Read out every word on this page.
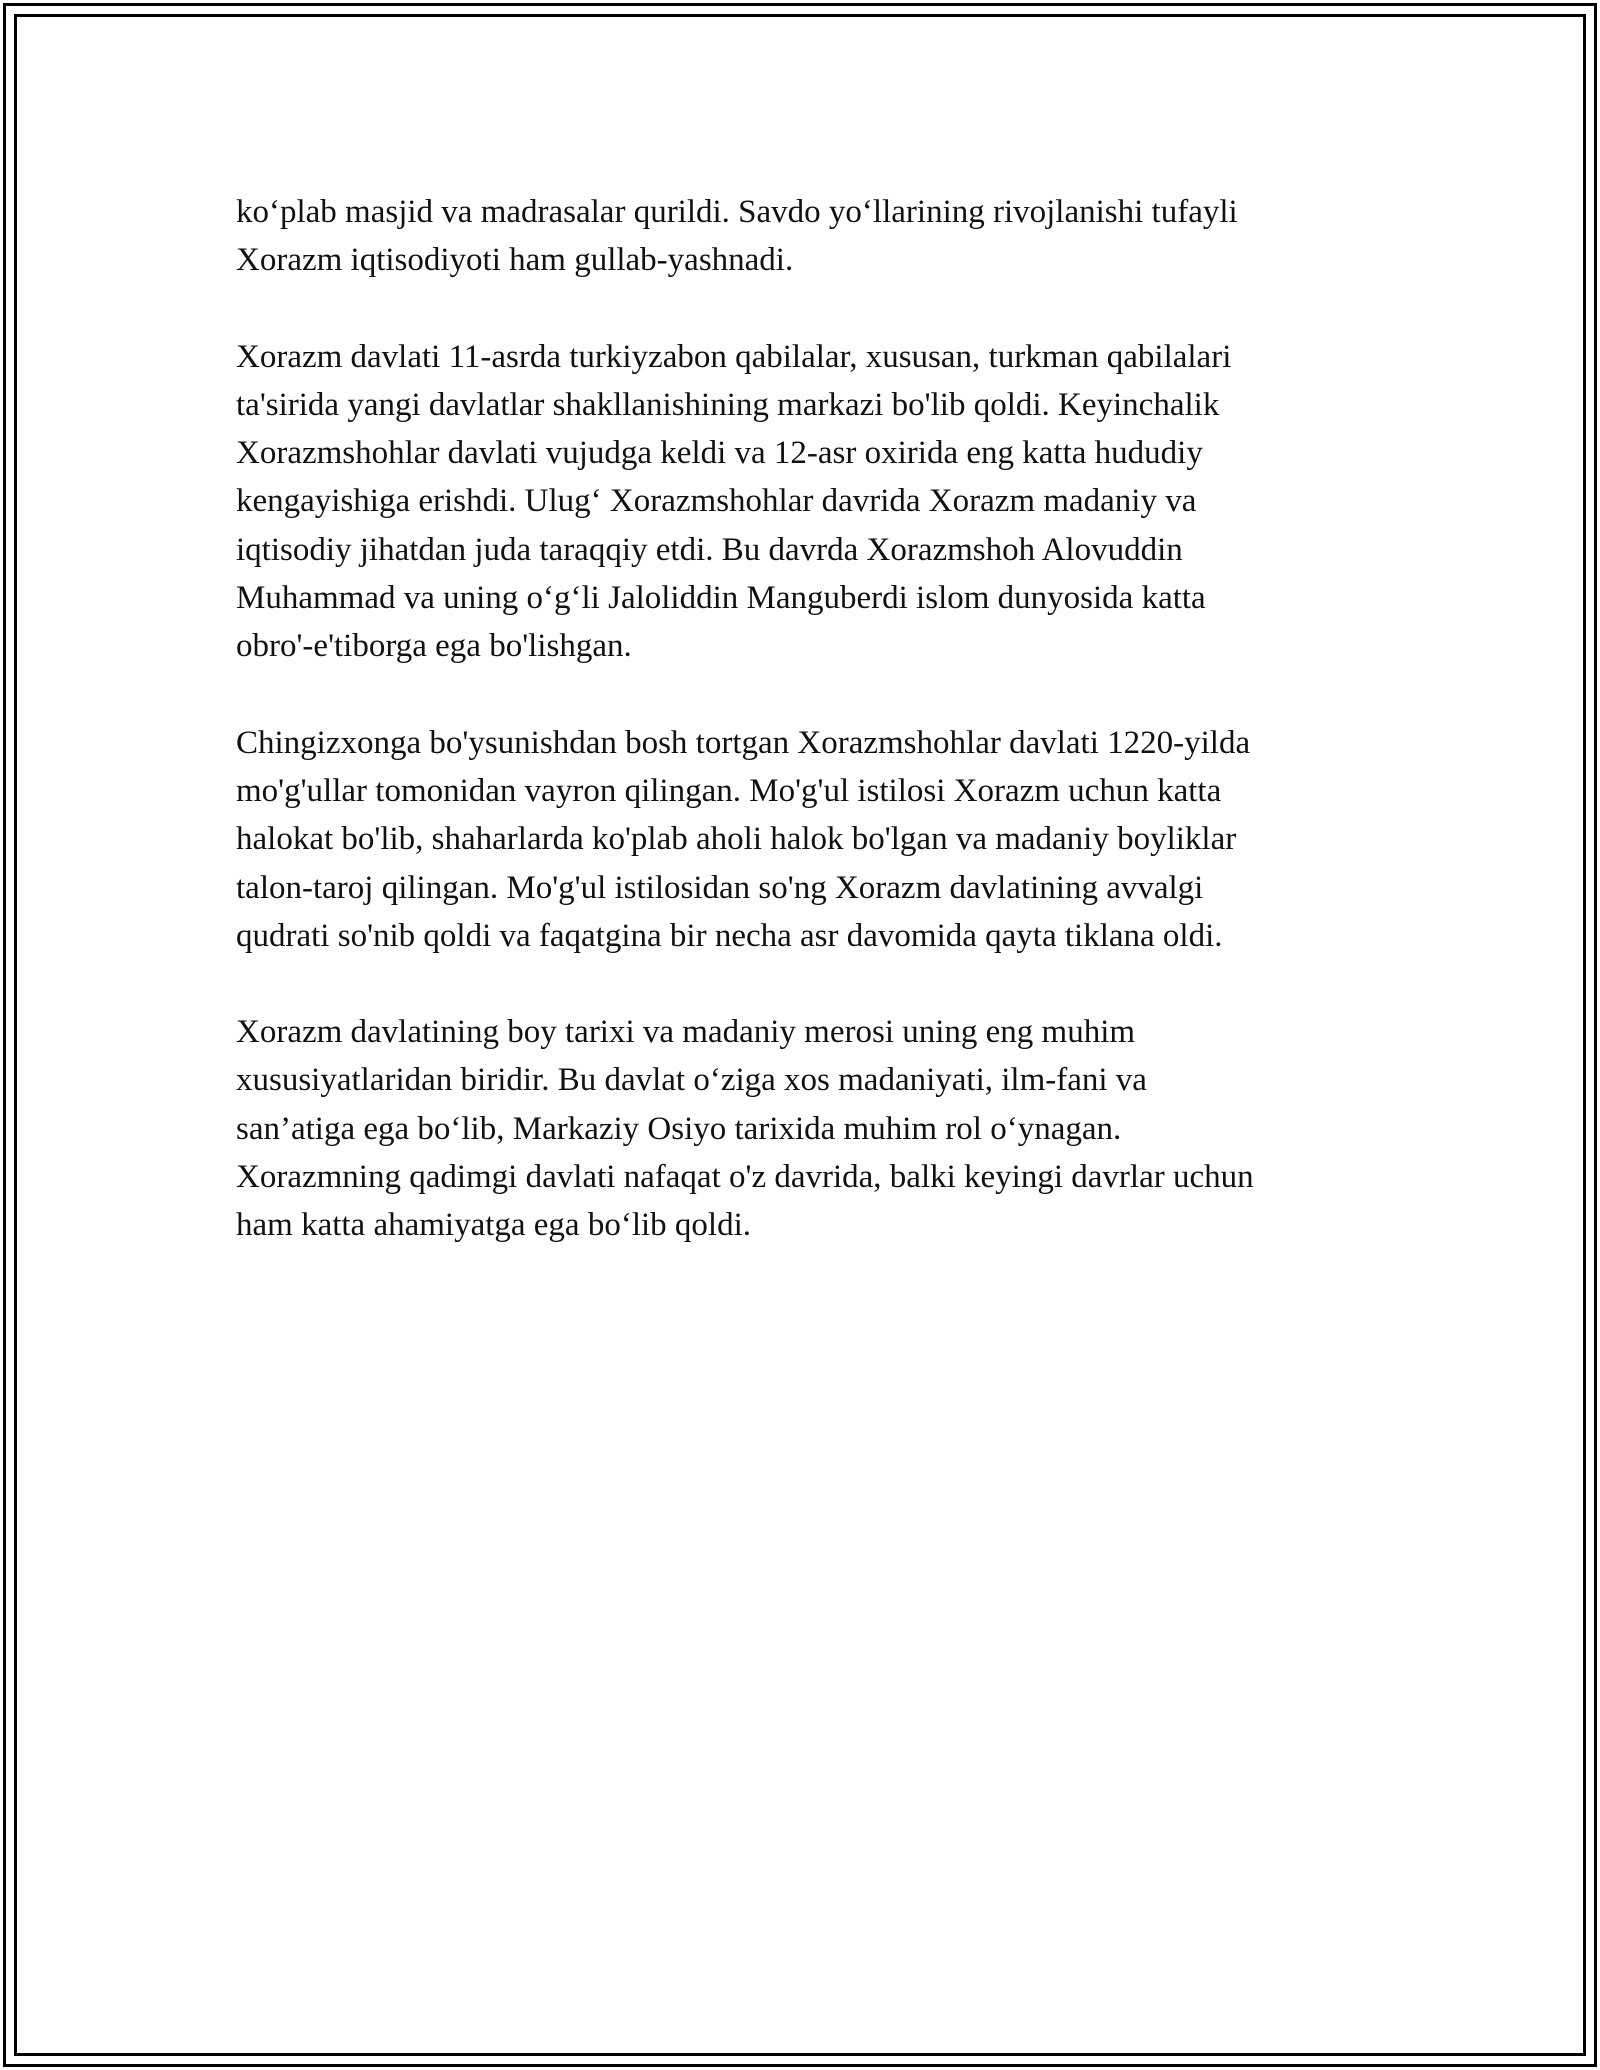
ko‘plab masjid va madrasalar qurildi. Savdo yo‘llarining rivojlanishi tufayli
Xorazm iqtisodiyoti ham gullab-yashnadi.

Xorazm davlati 11-asrda turkiyzabon qabilalar, xususan, turkman qabilalari
ta'sirida yangi davlatlar shakllanishining markazi bo'lib qoldi. Keyinchalik
Xorazmshohlar davlati vujudga keldi va 12-asr oxirida eng katta hududiy
kengayishiga erishdi. Ulug‘ Xorazmshohlar davrida Xorazm madaniy va
iqtisodiy jihatdan juda taraqqiy etdi. Bu davrda Xorazmshoh Alovuddin
Muhammad va uning o‘g‘li Jaloliddin Manguberdi islom dunyosida katta
obro'-e'tiborga ega bo'lishgan.

Chingizxonga bo'ysunishdan bosh tortgan Xorazmshohlar davlati 1220-yilda
mo'g'ullar tomonidan vayron qilingan. Mo'g'ul istilosi Xorazm uchun katta
halokat bo'lib, shaharlarda ko'plab aholi halok bo'lgan va madaniy boyliklar
talon-taroj qilingan. Mo'g'ul istilosidan so'ng Xorazm davlatining avvalgi
qudrati so'nib qoldi va faqatgina bir necha asr davomida qayta tiklana oldi.

Xorazm davlatining boy tarixi va madaniy merosi uning eng muhim
xususiyatlaridan biridir. Bu davlat o‘ziga xos madaniyati, ilm-fani va
san’atiga ega bo‘lib, Markaziy Osiyo tarixida muhim rol o‘ynagan.
Xorazmning qadimgi davlati nafaqat o'z davrida, balki keyingi davrlar uchun
ham katta ahamiyatga ega bo‘lib qoldi.
